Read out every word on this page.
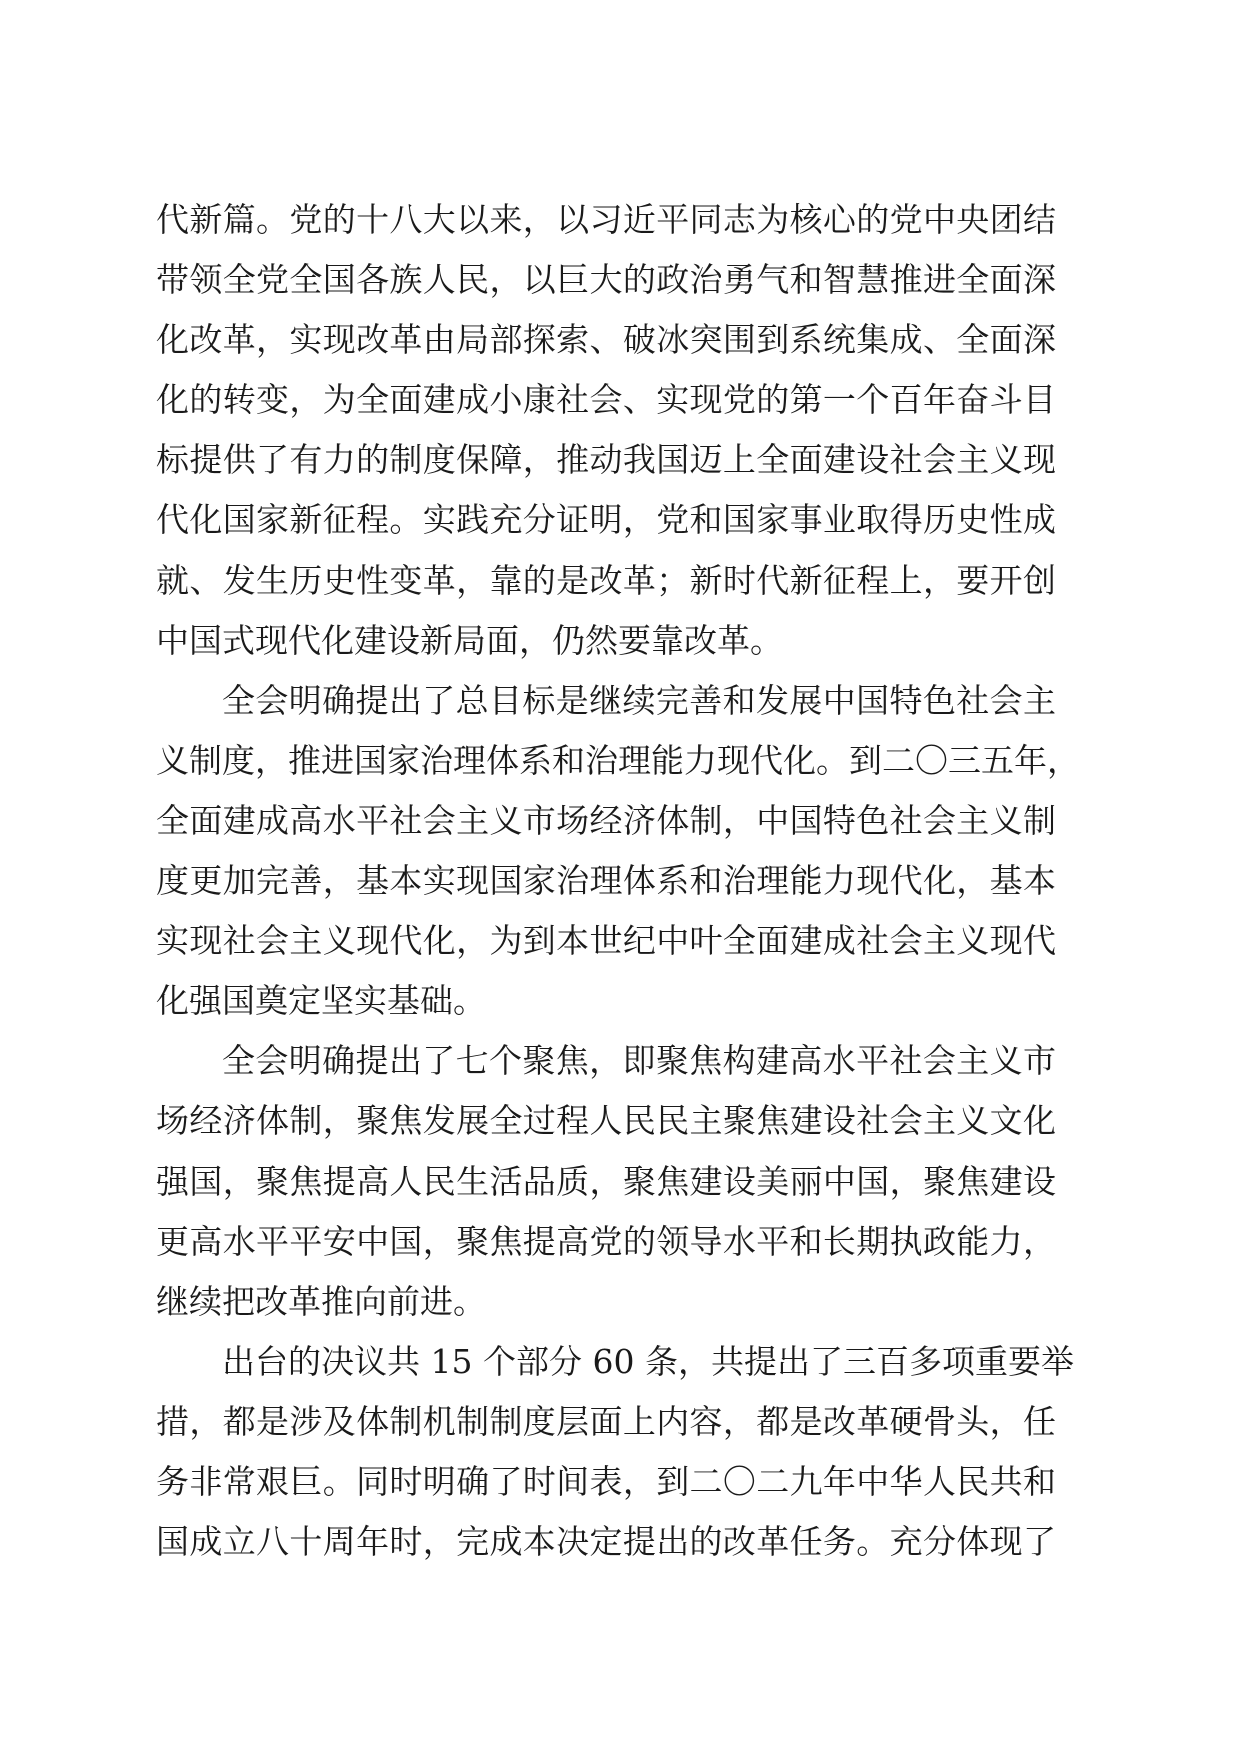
代新篇。党的十八大以来，以习近平同志为核心的党中央团结
带领全党全国各族人民，以巨大的政治勇气和智慧推进全面深
化改革，实现改革由局部探索、破冰突围到系统集成、全面深
化的转变，为全面建成小康社会、实现党的第一个百年奋斗目
标提供了有力的制度保障，推动我国迈上全面建设社会主义现
代化国家新征程。实践充分证明，党和国家事业取得历史性成
就、发生历史性变革，靠的是改革；新时代新征程上，要开创
中国式现代化建设新局面，仍然要靠改革。
全会明确提出了总目标是继续完善和发展中国特色社会主
义制度，推进国家治理体系和治理能力现代化。到二〇三五年，
全面建成高水平社会主义市场经济体制，中国特色社会主义制
度更加完善，基本实现国家治理体系和治理能力现代化，基本
实现社会主义现代化，为到本世纪中叶全面建成社会主义现代
化强国奠定坚实基础。
全会明确提出了七个聚焦，即聚焦构建高水平社会主义市
场经济体制，聚焦发展全过程人民民主聚焦建设社会主义文化
强国，聚焦提高人民生活品质，聚焦建设美丽中国，聚焦建设
更高水平平安中国，聚焦提高党的领导水平和长期执政能力，
继续把改革推向前进。
出台的决议共 15 个部分 60 条，共提出了三百多项重要举
措，都是涉及体制机制制度层面上内容，都是改革硬骨头，任
务非常艰巨。同时明确了时间表，到二〇二九年中华人民共和
国成立八十周年时，完成本决定提出的改革任务。充分体现了
